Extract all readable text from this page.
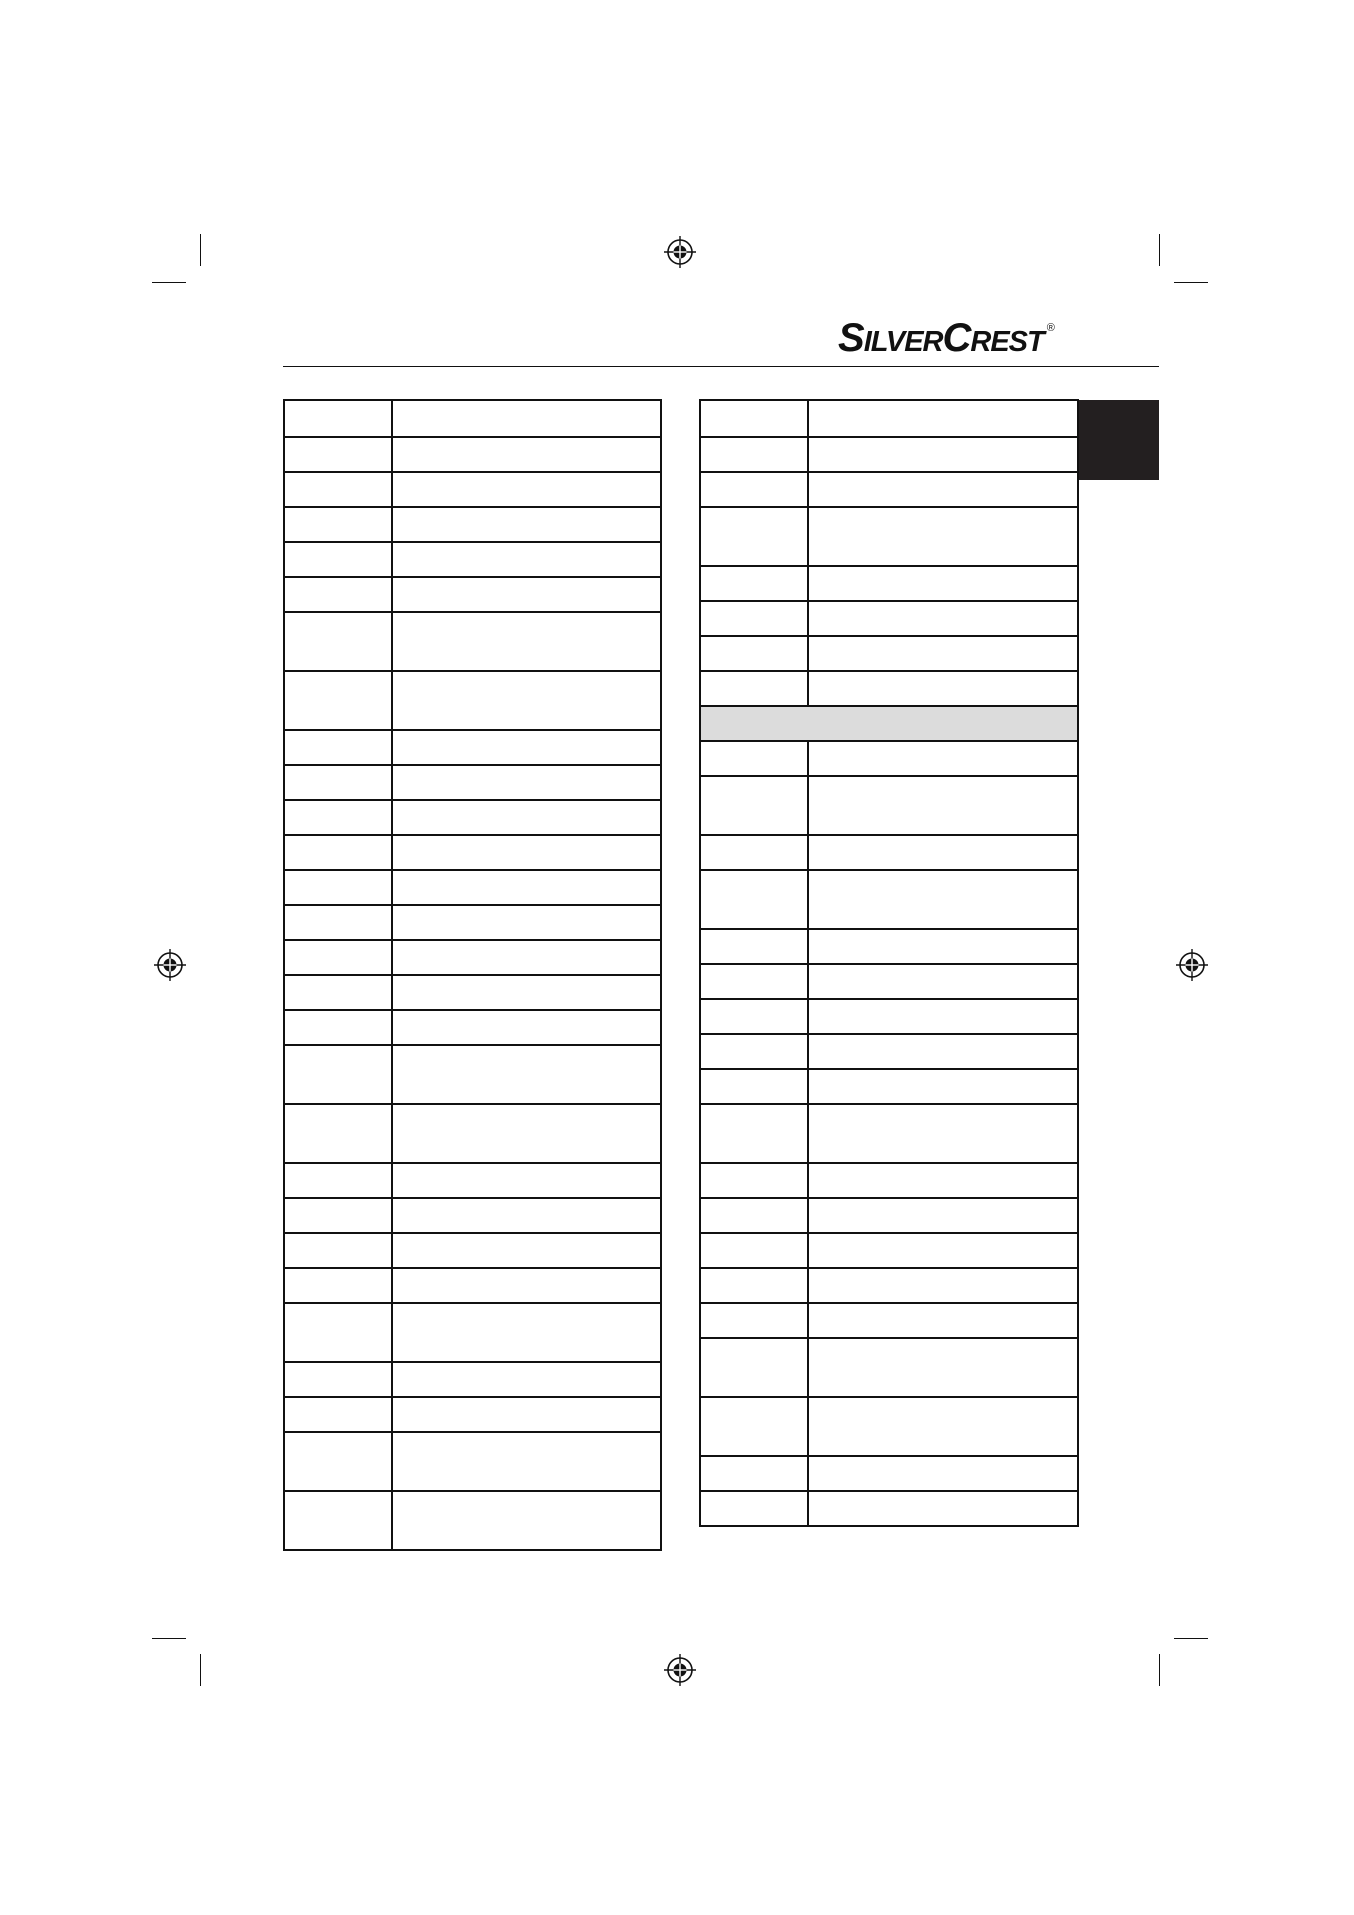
SILVERCREST ®
